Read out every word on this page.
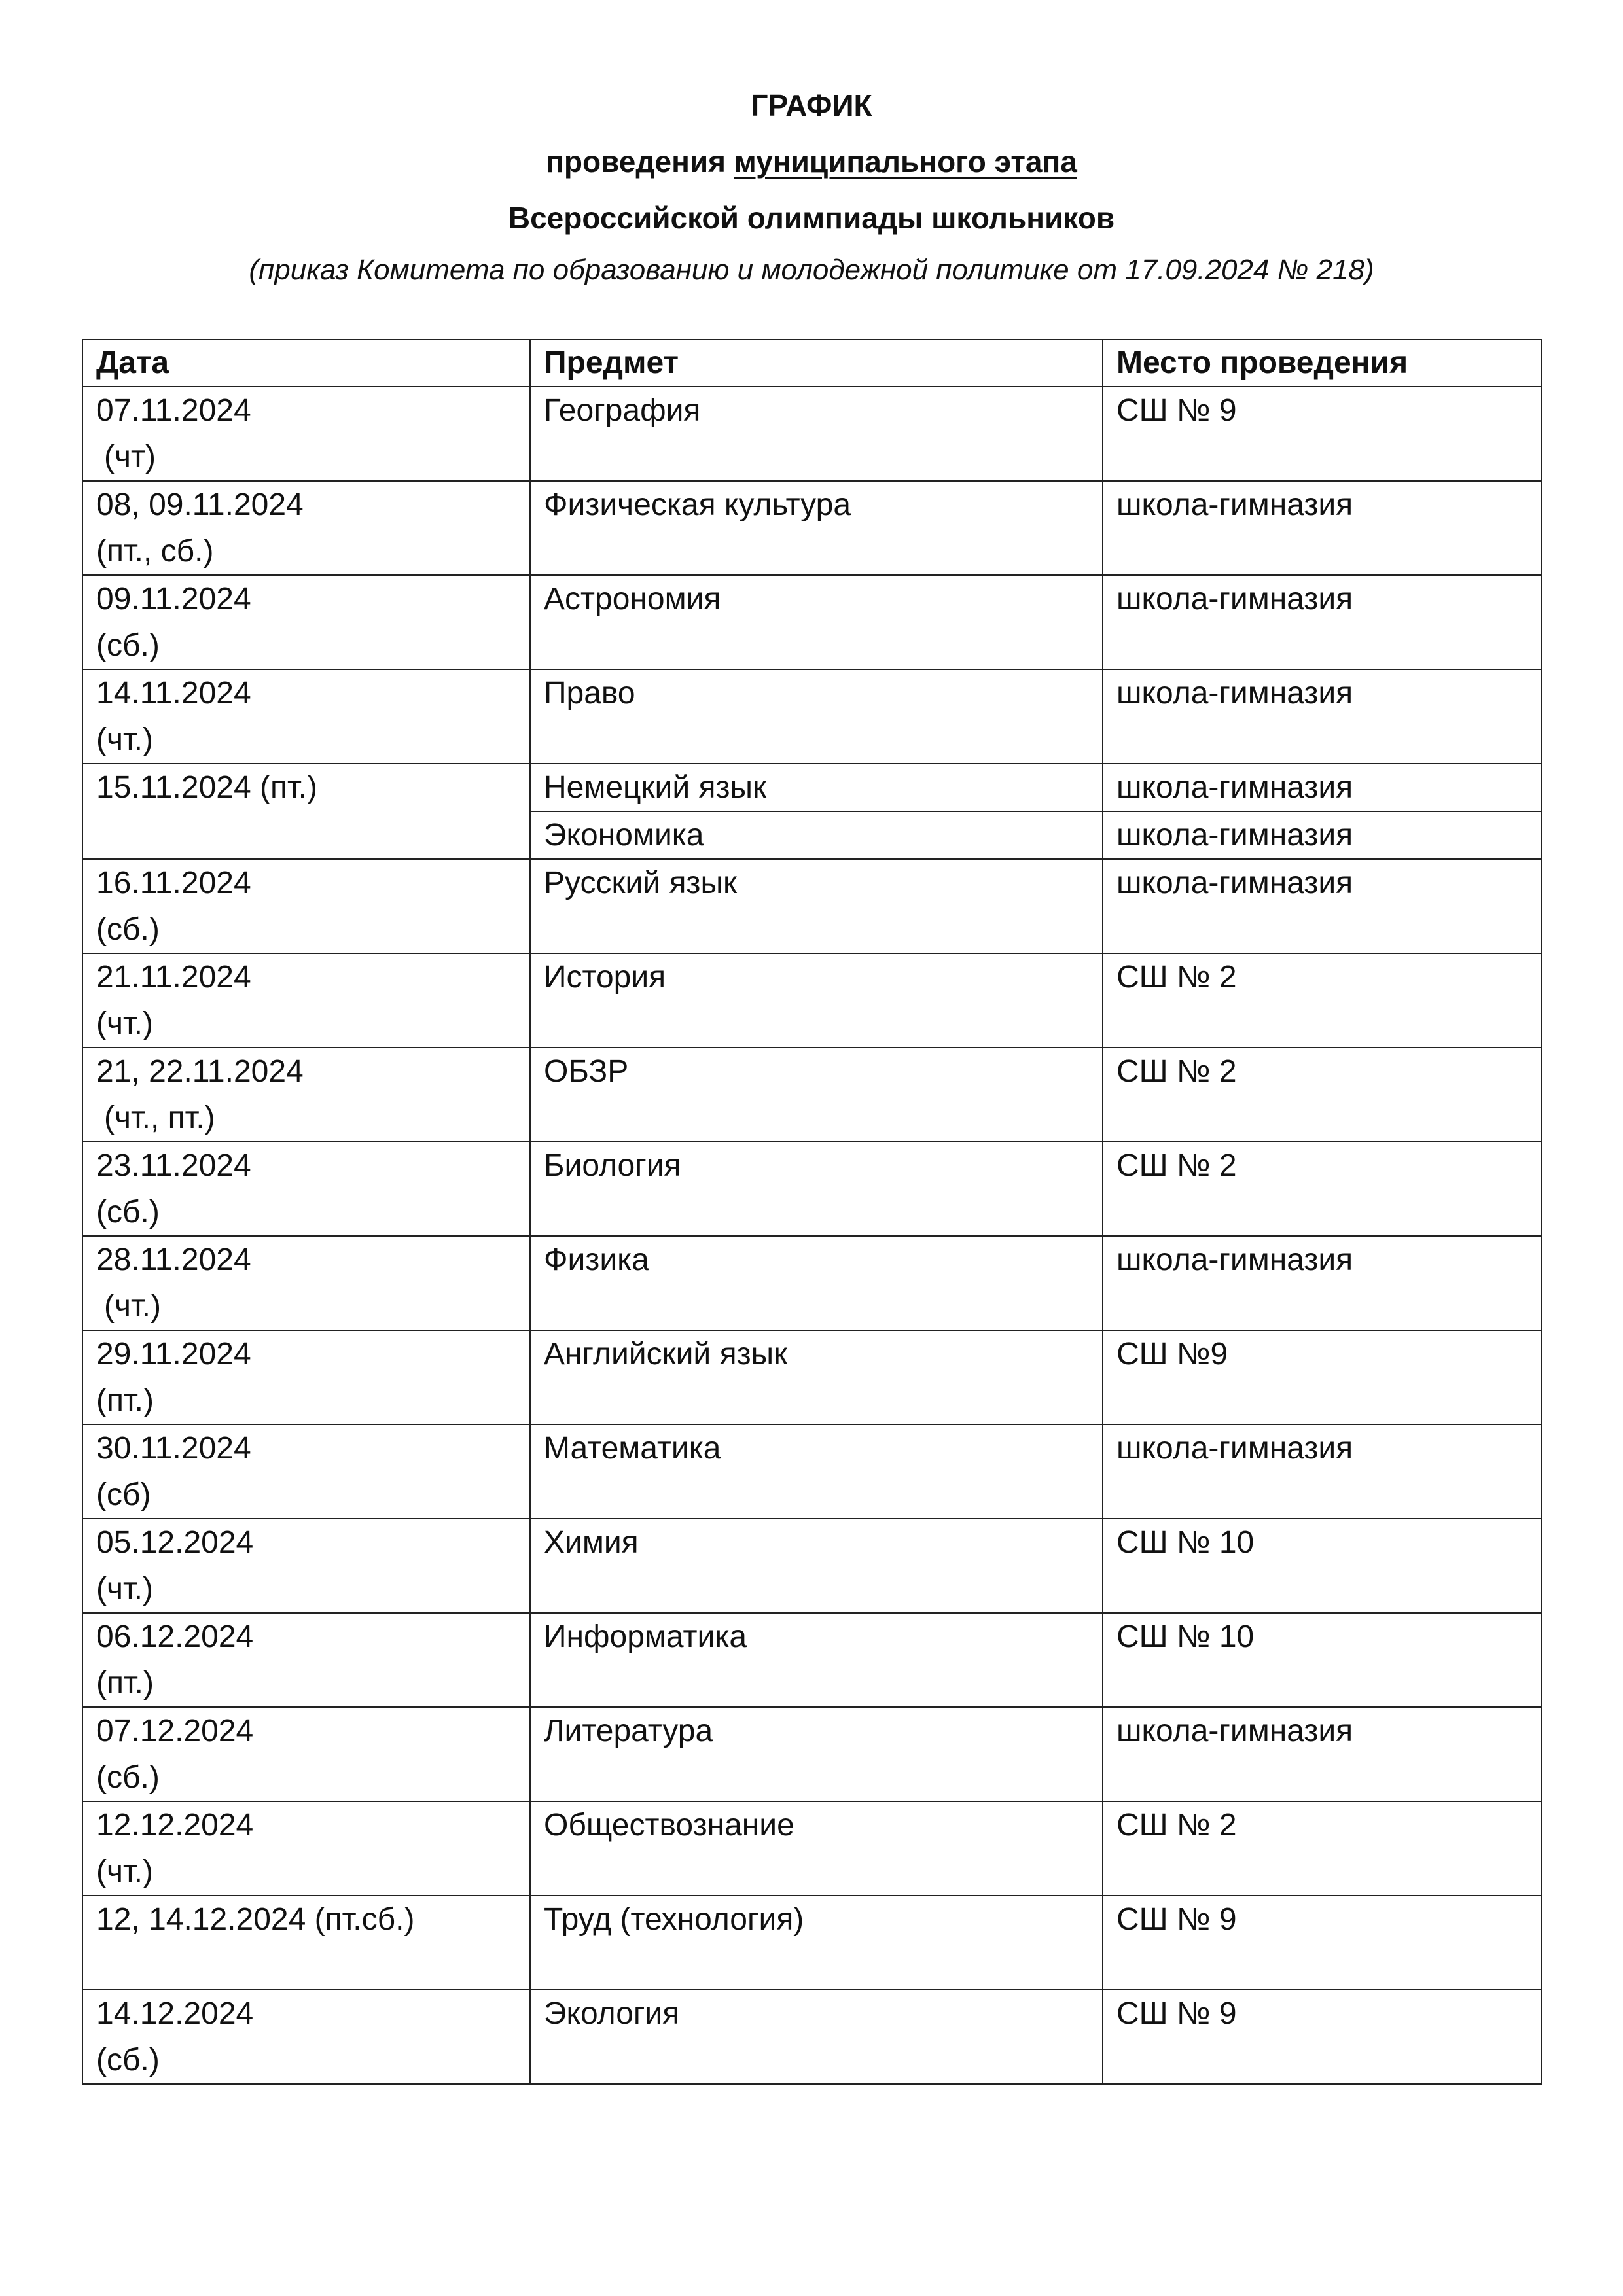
ГРАФИК
проведения муниципального этапа
Всероссийской олимпиады школьников
(приказ Комитета по образованию и молодежной политике от 17.09.2024 № 218)
Дата	Предмет	Место проведения

07.11.2024
(чт)	География	СШ № 9

08, 09.11.2024
(пт., сб.)	Физическая культура	школа-гимназия

09.11.2024
(сб.)	Астрономия	школа-гимназия

14.11.2024
(чт.)	Право	школа-гимназия

15.11.2024 (пт.)	Немецкий язык	школа-гимназия
	Экономика	школа-гимназия

16.11.2024
(сб.)	Русский язык	школа-гимназия

21.11.2024
(чт.)	История	СШ № 2

21, 22.11.2024
(чт., пт.)	ОБЗР	СШ № 2

23.11.2024
(сб.)	Биология	СШ № 2

28.11.2024
(чт.)	Физика	школа-гимназия

29.11.2024
(пт.)	Английский язык	СШ №9

30.11.2024
(сб)	Математика	школа-гимназия

05.12.2024
(чт.)	Химия	СШ № 10

06.12.2024
(пт.)	Информатика	СШ № 10

07.12.2024
(сб.)	Литература	школа-гимназия

12.12.2024
(чт.)	Обществознание	СШ № 2

12, 14.12.2024 (пт.сб.)	Труд (технология)	СШ № 9

14.12.2024
(сб.)	Экология	СШ № 9
